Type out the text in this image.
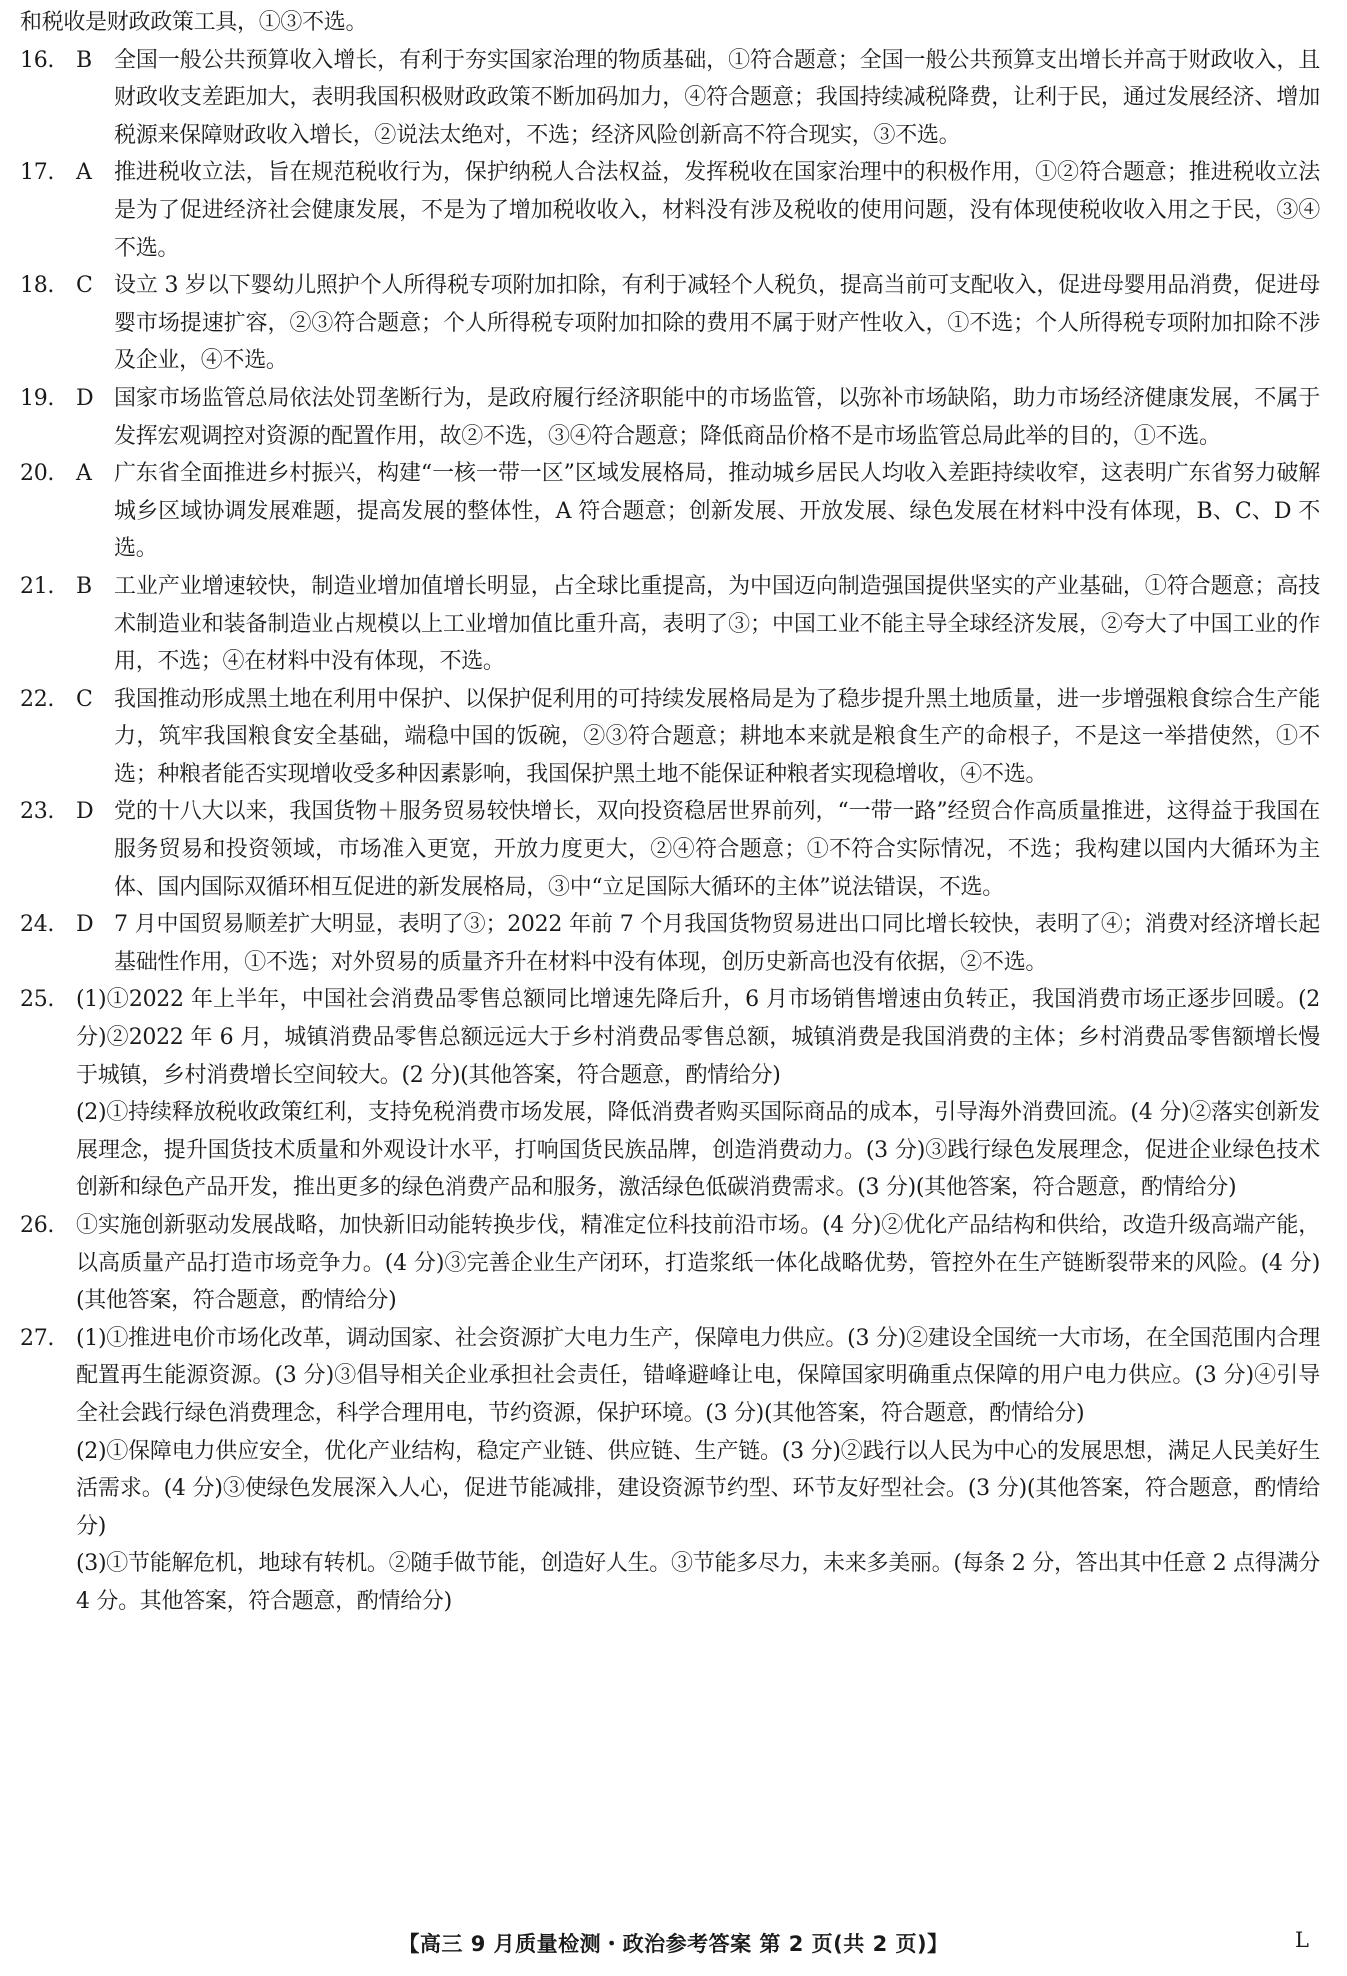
和税收是财政政策工具，①③不选。

16. B	全国一般公共预算收入增长，有利于夯实国家治理的物质基础，①符合题意；全国一般公共预算支出增长并高于财政收入，且财政收支差距加大，表明我国积极财政政策不断加码加力，④符合题意；我国持续减税降费，让利于民，通过发展经济、增加税源来保障财政收入增长，②说法太绝对，不选；经济风险创新高不符合现实，③不选。
17. A	推进税收立法，旨在规范税收行为，保护纳税人合法权益，发挥税收在国家治理中的积极作用，①②符合题意；推进税收立法是为了促进经济社会健康发展，不是为了增加税收收入，材料没有涉及税收的使用问题，没有体现使税收收入用之于民，③④不选。
18. C 设立 3 岁以下婴幼儿照护个人所得税专项附加扣除，有利于减轻个人税负，提高当前可支配收入，促进母婴用品消费，促进母婴市场提速扩容，②③符合题意；个人所得税专项附加扣除的费用不属于财产性收入，①不选；个人所得税专项附加扣除不涉及企业，④不选。
19. D 国家市场监管总局依法处罚垄断行为，是政府履行经济职能中的市场监管，以弥补市场缺陷，助力市场经济健康发展，不属于发挥宏观调控对资源的配置作用，故②不选，③④符合题意；降低商品价格不是市场监管总局此举的目的，①不选。
20. A	广东省全面推进乡村振兴，构建“一核一带一区”区域发展格局，推动城乡居民人均收入差距持续收窄，这表明广东省努力破解城乡区域协调发展难题，提高发展的整体性，A 符合题意；创新发展、开放发展、绿色发展在材料中没有体现，B、C、D 不选。
21. B	工业产业增速较快，制造业增加值增长明显，占全球比重提高，为中国迈向制造强国提供坚实的产业基础，①符合题意；高技术制造业和装备制造业占规模以上工业增加值比重升高，表明了③；中国工业不能主导全球经济发展，②夸大了中国工业的作用，不选；④在材料中没有体现，不选。
22. C 我国推动形成黑土地在利用中保护、以保护促利用的可持续发展格局是为了稳步提升黑土地质量，进一步增强粮食综合生产能力，筑牢我国粮食安全基础，端稳中国的饭碗，②③符合题意；耕地本来就是粮食生产的命根子，不是这一举措使然，①不选；种粮者能否实现增收受多种因素影响，我国保护黑土地不能保证种粮者实现稳增收，④不选。
23. D 党的十八大以来，我国货物＋服务贸易较快增长，双向投资稳居世界前列，“一带一路”经贸合作高质量推进，这得益于我国在服务贸易和投资领域，市场准入更宽，开放力度更大，②④符合题意；①不符合实际情况，不选；我构建以国内大循环为主体、国内国际双循环相互促进的新发展格局，③中“立足国际大循环的主体”说法错误，不选。
24. D 7 月中国贸易顺差扩大明显，表明了③；2022 年前 7 个月我国货物贸易进出口同比增长较快，表明了④；消费对经济增长起基础性作用，①不选；对外贸易的质量齐升在材料中没有体现，创历史新高也没有依据，②不选。
25. (1)①2022 年上半年，中国社会消费品零售总额同比增速先降后升，6 月市场销售增速由负转正，我国消费市场正逐步回暖。(2 分)②2022 年 6 月，城镇消费品零售总额远远大于乡村消费品零售总额，城镇消费是我国消费的主体；乡村消费品零售额增长慢于城镇，乡村消费增长空间较大。(2 分)(其他答案，符合题意，酌情给分)

(2)①持续释放税收政策红利，支持免税消费市场发展，降低消费者购买国际商品的成本，引导海外消费回流。(4 分)②落实创新发展理念，提升国货技术质量和外观设计水平，打响国货民族品牌，创造消费动力。(3 分)③践行绿色发展理念，促进企业绿色技术创新和绿色产品开发，推出更多的绿色消费产品和服务，激活绿色低碳消费需求。(3 分)(其他答案，符合题意，酌情给分)

26. ①实施创新驱动发展战略，加快新旧动能转换步伐，精准定位科技前沿市场。(4 分)②优化产品结构和供给，改造升级高端产能，以高质量产品打造市场竞争力。(4 分)③完善企业生产闭环，打造浆纸一体化战略优势，管控外在生产链断裂带来的风险。(4 分)(其他答案，符合题意，酌情给分)

27. (1)①推进电价市场化改革，调动国家、社会资源扩大电力生产，保障电力供应。(3 分)②建设全国统一大市场，在全国范围内合理配置再生能源资源。(3 分)③倡导相关企业承担社会责任，错峰避峰让电，保障国家明确重点保障的用户电力供应。(3 分)④引导全社会践行绿色消费理念，科学合理用电，节约资源，保护环境。(3 分)(其他答案，符合题意，酌情给分)

(2)①保障电力供应安全，优化产业结构，稳定产业链、供应链、生产链。(3 分)②践行以人民为中心的发展思想，满足人民美好生活需求。(4 分)③使绿色发展深入人心，促进节能减排，建设资源节约型、环节友好型社会。(3 分)(其他答案，符合题意，酌情给分)

(3)①节能解危机，地球有转机。②随手做节能，创造好人生。③节能多尽力，未来多美丽。(每条 2 分，答出其中任意 2 点得满分 4 分。其他答案，符合题意，酌情给分)

【高三 9 月质量检测・政治参考答案 第 2 页(共 2 页)】	L
